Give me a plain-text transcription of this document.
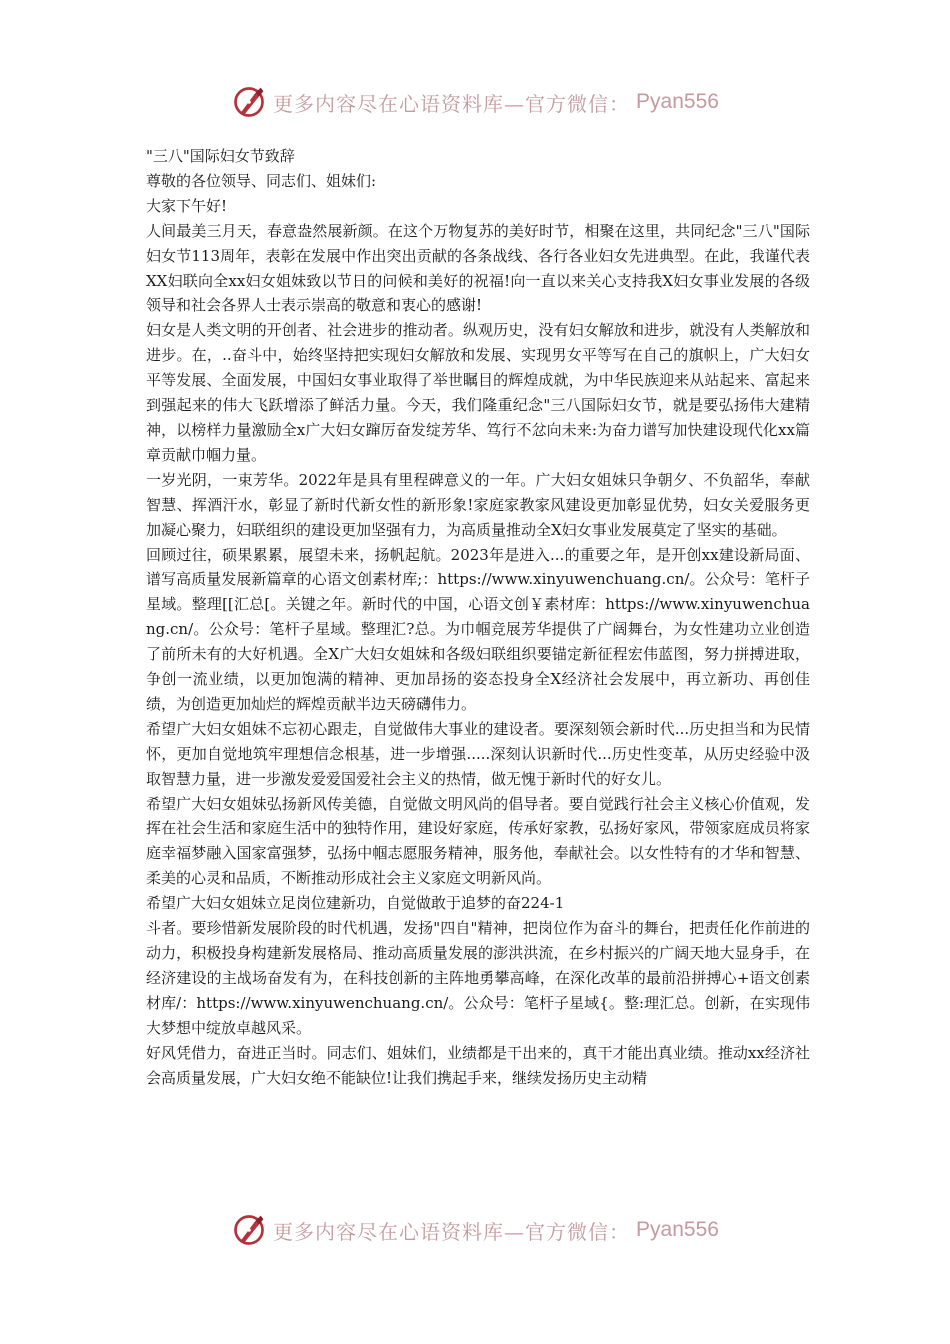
更多内容尽在心语资料库—官方微信： Pyan556

"三八"国际妇女节致辞

尊敬的各位领导、同志们、姐妹们:

大家下午好!

人间最美三月天，春意盎然展新颜。在这个万物复苏的美好时节，相聚在这里，共同纪念"三八"国际妇女节113周年，表彰在发展中作出突出贡献的各条战线、各行各业妇女先进典型。在此，我谨代表XX妇联向全xx妇女姐妹致以节日的问候和美好的祝福!向一直以来关心支持我X妇女事业发展的各级领导和社会各界人士表示崇高的敬意和衷心的感谢!

妇女是人类文明的开创者、社会进步的推动者。纵观历史，没有妇女解放和进步，就没有人类解放和进步。在，..奋斗中，始终坚持把实现妇女解放和发展、实现男女平等写在自己的旗帜上，广大妇女平等发展、全面发展，中国妇女事业取得了举世瞩目的辉煌成就，为中华民族迎来从站起来、富起来到强起来的伟大飞跃增添了鲜活力量。今天，我们隆重纪念"三八国际妇女节，就是要弘扬伟大建精神，以榜样力量激励全x广大妇女蹿厉奋发绽芳华、笃行不忿向未来:为奋力谱写加快建设现代化xx篇章贡献巾帼力量。

一岁光阴，一束芳华。2022年是具有里程碑意义的一年。广大妇女姐妹只争朝夕、不负韶华，奉献智慧、挥酒汗水，彰显了新时代新女性的新形象!家庭家教家风建设更加彰显优势，妇女关爱服务更加凝心聚力，妇联组织的建设更加坚强有力，为高质量推动全X妇女事业发展莫定了坚实的基础。

回顾过往，硕果累累，展望未来，扬帆起航。2023年是进入...的重要之年，是开创xx建设新局面、谱写高质量发展新篇章的心语文创素材库;：https://www.xinyuwenchuang.cn/。公众号：笔杆子星域。整理[[汇总[。关键之年。新时代的中国，心语文创￥素材库：https://www.xinyuwenchuang.cn/。公众号：笔杆子星域。整理汇?总。为巾帼竞展芳华提供了广阔舞台，为女性建功立业创造了前所未有的大好机遇。全X广大妇女姐妹和各级妇联组织要锚定新征程宏伟蓝图，努力拼搏进取，争创一流业绩，以更加饱满的精神、更加昂扬的姿态投身全X经济社会发展中，再立新功、再创佳绩，为创造更加灿烂的辉煌贡献半边天磅礴伟力。

希望广大妇女姐妹不忘初心跟走，自觉做伟大事业的建设者。要深刻领会新时代...历史担当和为民情怀，更加自觉地筑牢理想信念根基，进一步增强.....深刻认识新时代...历史性变革，从历史经验中汲取智慧力量，进一步激发爱爱国爱社会主义的热情，做无愧于新时代的好女儿。

希望广大妇女姐妹弘扬新风传美德，自觉做文明风尚的倡导者。要自觉践行社会主义核心价值观，发挥在社会生活和家庭生活中的独特作用，建设好家庭，传承好家教，弘扬好家风，带领家庭成员将家庭幸福梦融入国家富强梦，弘扬中帼志愿服务精神，服务他，奉献社会。以女性特有的才华和智慧、柔美的心灵和品质，不断推动形成社会主义家庭文明新风尚。

希望广大妇女姐妹立足岗位建新功，自觉做敢于追梦的奋224-1

斗者。要珍惜新发展阶段的时代机遇，发扬"四自"精神，把岗位作为奋斗的舞台，把责任化作前进的动力，积极投身构建新发展格局、推动高质量发展的澎洪洪流，在乡村振兴的广阔天地大显身手，在经济建设的主战场奋发有为，在科技创新的主阵地勇攀高峰，在深化改革的最前沿拼搏心+语文创素材库/：https://www.xinyuwenchuang.cn/。公众号：笔杆子星域{。整:理汇总。创新，在实现伟大梦想中绽放卓越风采。

好风凭借力，奋进正当时。同志们、姐妹们，业绩都是干出来的，真干才能出真业绩。推动xx经济社会高质量发展，广大妇女绝不能缺位!让我们携起手来，继续发扬历史主动精

更多内容尽在心语资料库—官方微信： Pyan556
